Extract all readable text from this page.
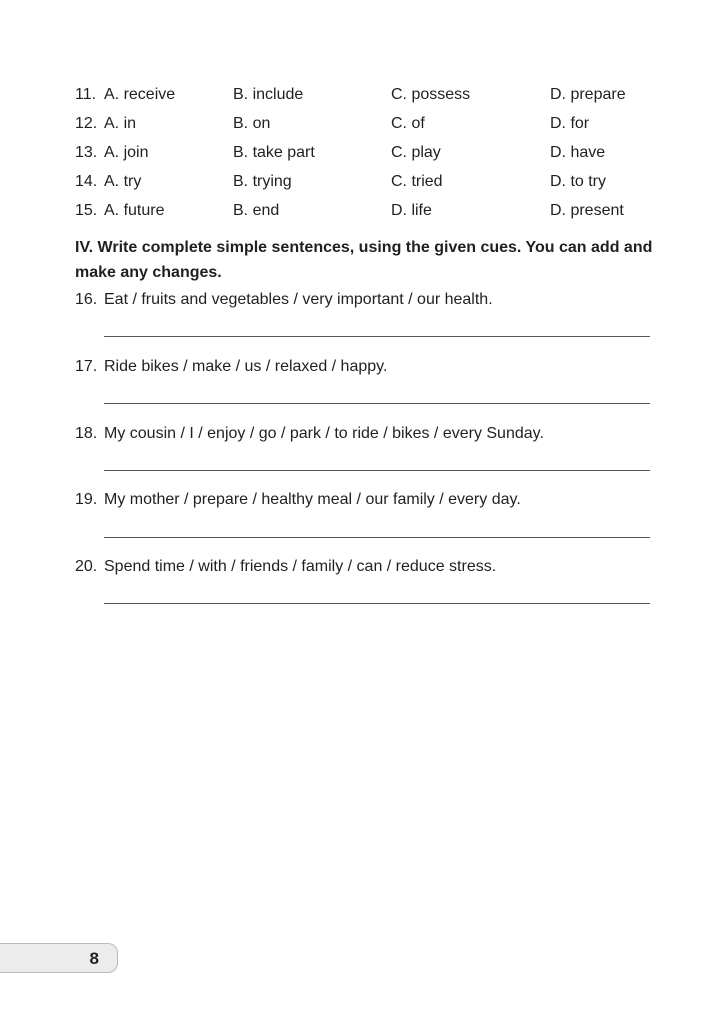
11. A. receive	B. include	C. possess	D. prepare
12. A. in	B. on	C. of	D. for
13. A. join	B. take part	C. play	D. have
14. A. try	B. trying	C. tried	D. to try
15. A. future	B. end	D. life	D. present
IV. Write complete simple sentences, using the given cues. You can add and make any changes.
16. Eat / fruits and vegetables / very important / our health.
17. Ride bikes / make / us / relaxed / happy.
18. My cousin / I / enjoy / go / park / to ride / bikes / every Sunday.
19. My mother / prepare / healthy meal / our family / every day.
20. Spend time / with / friends / family / can / reduce stress.
8
